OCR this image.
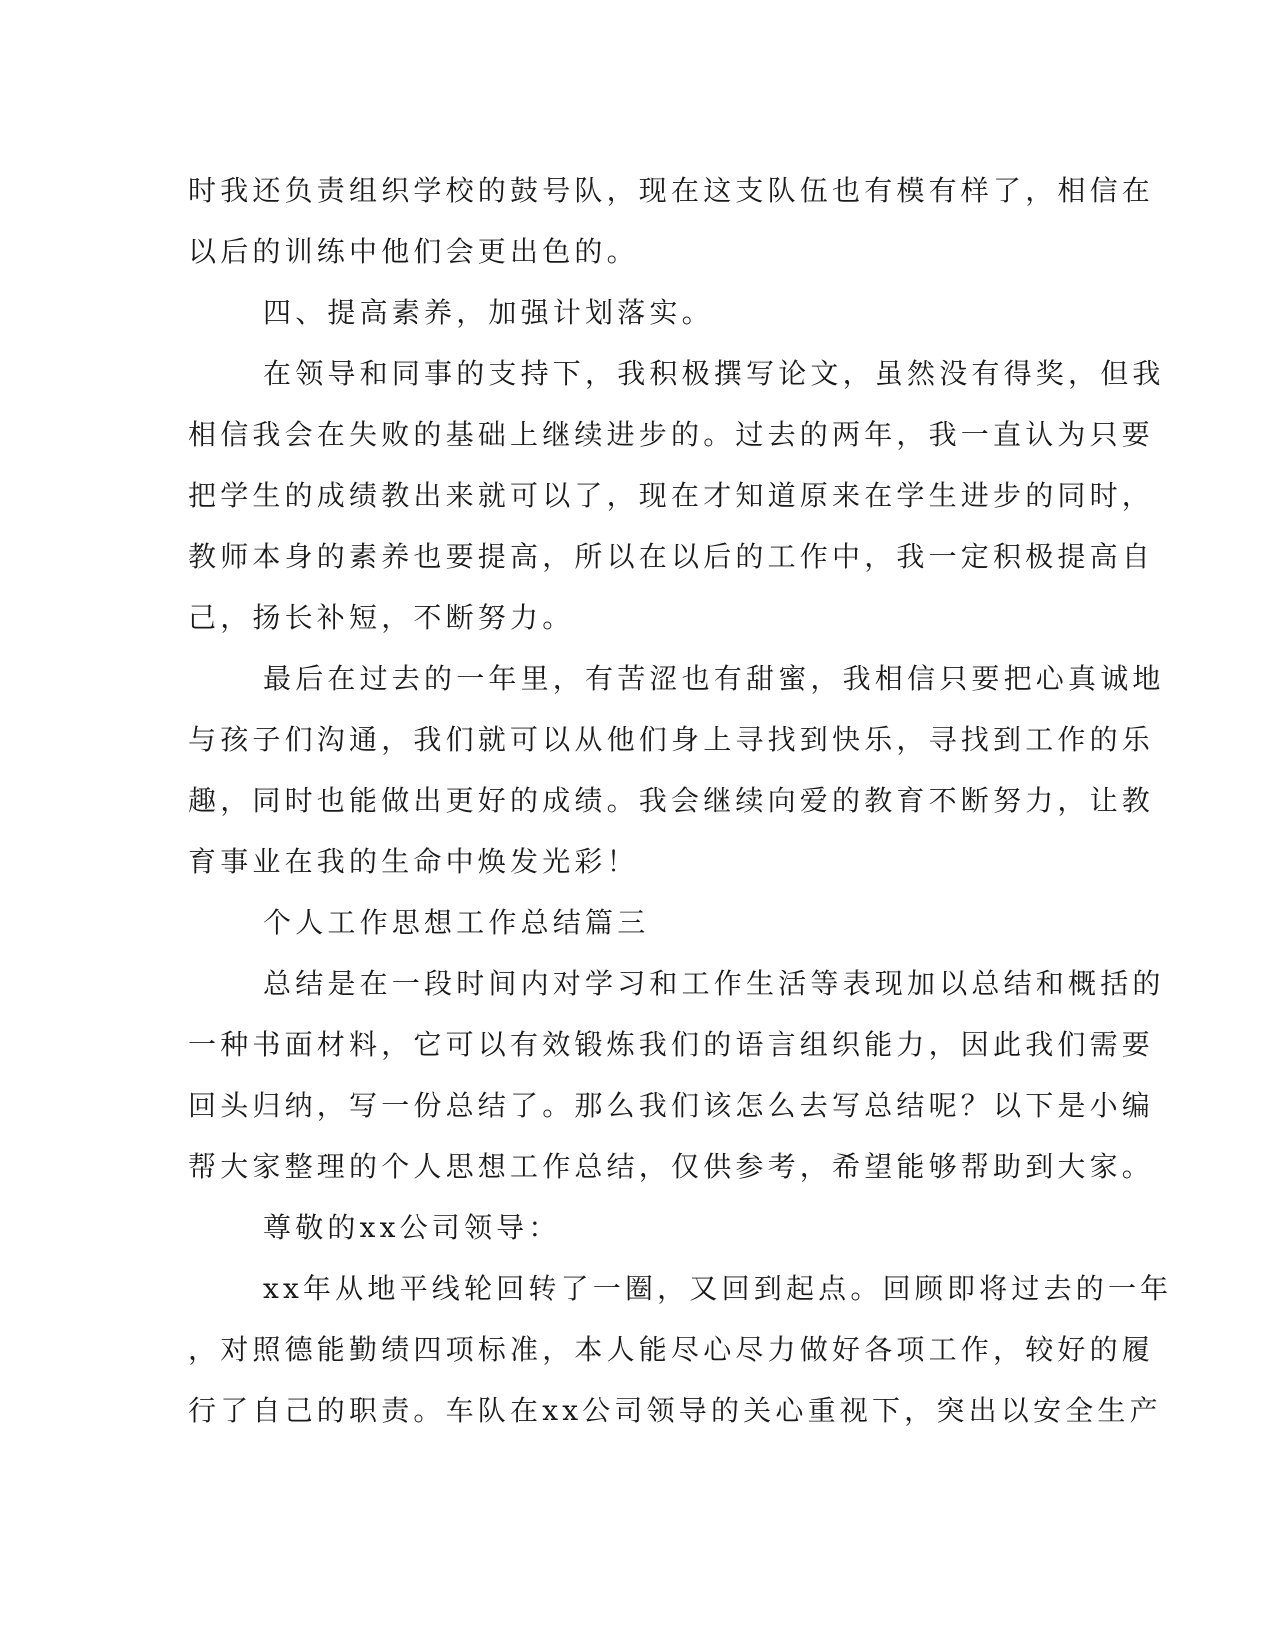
时我还负责组织学校的鼓号队，现在这支队伍也有模有样了，相信在
以后的训练中他们会更出色的。
四、提高素养，加强计划落实。
在领导和同事的支持下，我积极撰写论文，虽然没有得奖，但我
相信我会在失败的基础上继续进步的。过去的两年，我一直认为只要
把学生的成绩教出来就可以了，现在才知道原来在学生进步的同时，
教师本身的素养也要提高，所以在以后的工作中，我一定积极提高自
己，扬长补短，不断努力。
最后在过去的一年里，有苦涩也有甜蜜，我相信只要把心真诚地
与孩子们沟通，我们就可以从他们身上寻找到快乐，寻找到工作的乐
趣，同时也能做出更好的成绩。我会继续向爱的教育不断努力，让教
育事业在我的生命中焕发光彩！
个人工作思想工作总结篇三
总结是在一段时间内对学习和工作生活等表现加以总结和概括的
一种书面材料，它可以有效锻炼我们的语言组织能力，因此我们需要
回头归纳，写一份总结了。那么我们该怎么去写总结呢？以下是小编
帮大家整理的个人思想工作总结，仅供参考，希望能够帮助到大家。
尊敬的xx公司领导：
xx年从地平线轮回转了一圈，又回到起点。回顾即将过去的一年
，对照德能勤绩四项标准，本人能尽心尽力做好各项工作，较好的履
行了自己的职责。车队在xx公司领导的关心重视下，突出以安全生产
